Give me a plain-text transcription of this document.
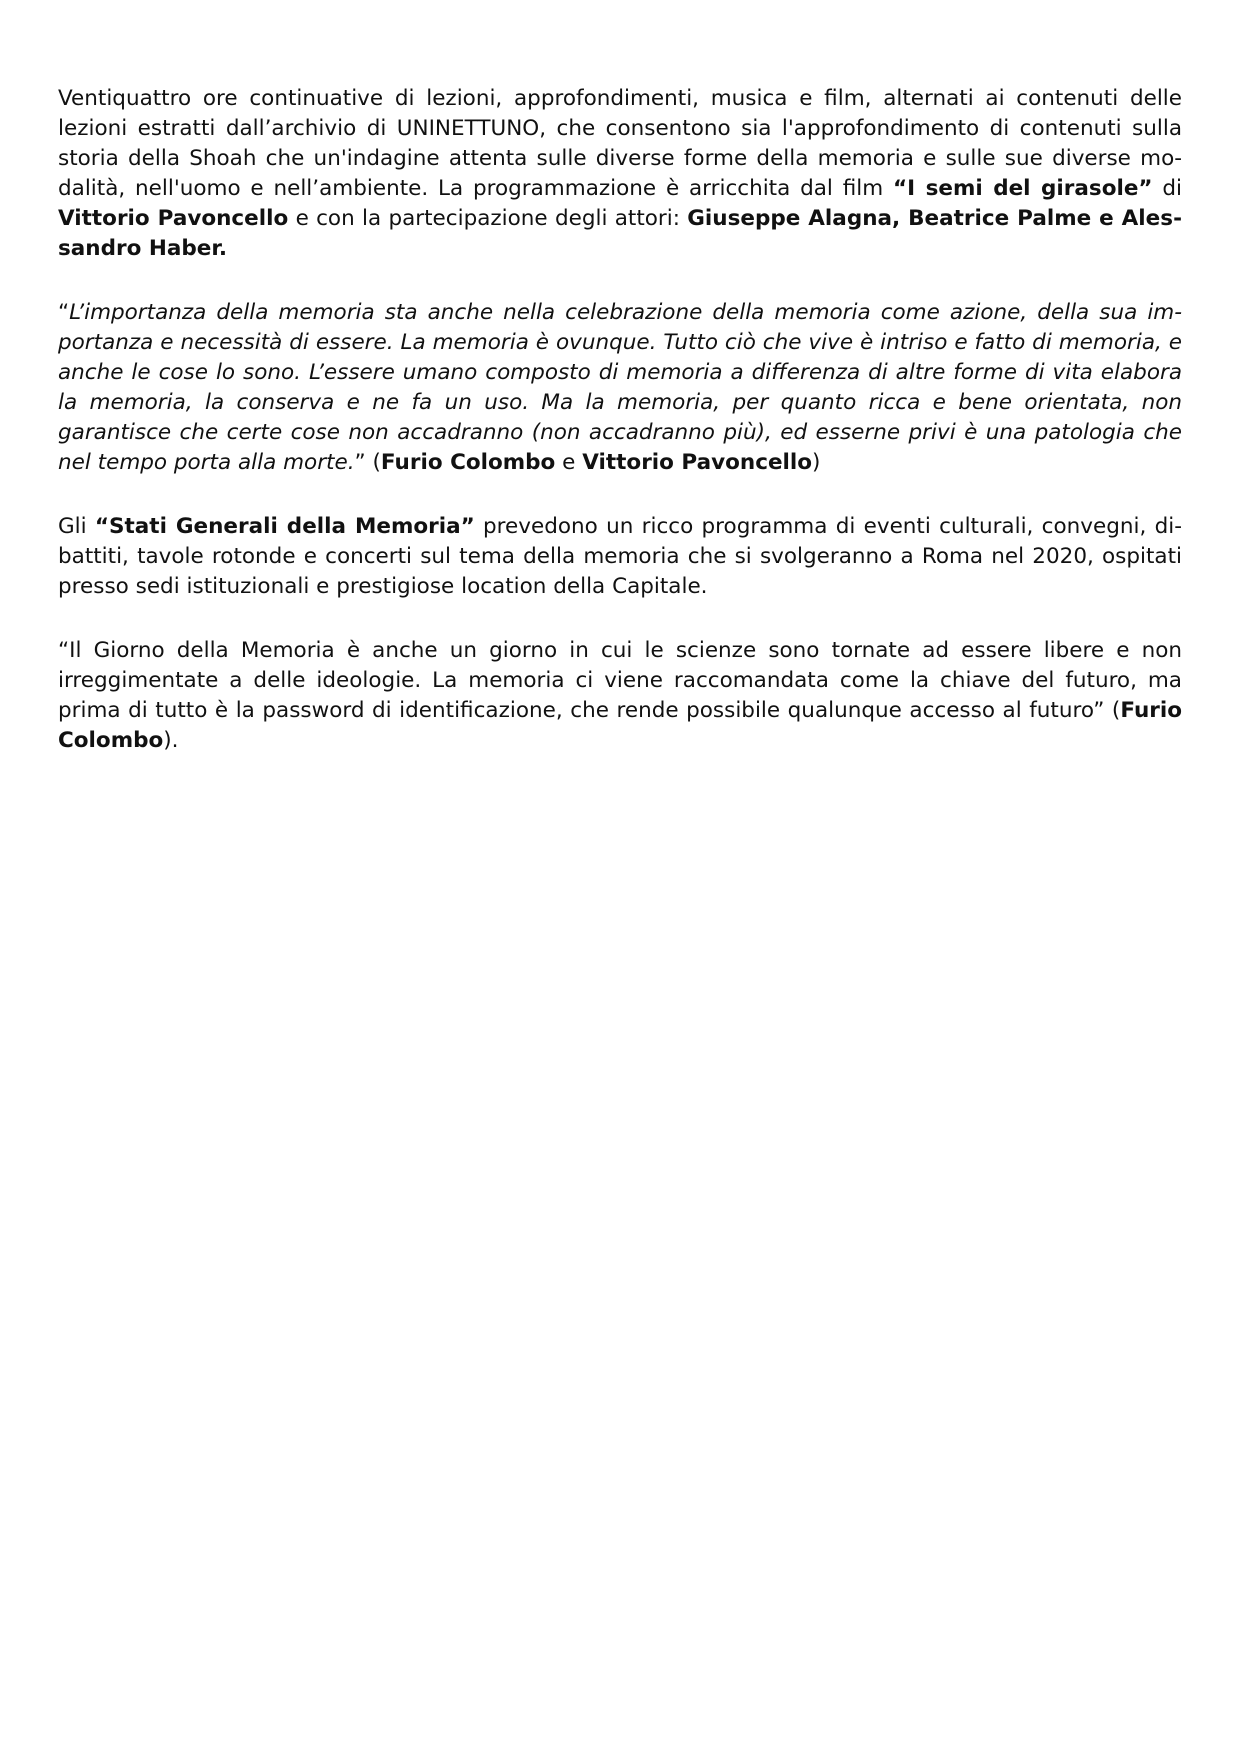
Ventiquattro ore continuative di lezioni, approfondimenti, musica e film, alternati ai contenuti delle lezioni estratti dall’archivio di UNINETTUNO, che consentono sia l'approfondimento di contenuti sulla storia della Shoah che un'indagine attenta sulle diverse forme della memoria e sulle sue diverse modalità, nell'uomo e nell’ambiente. La programmazione è arricchita dal film “I semi del girasole” di Vittorio Pavoncello e con la partecipazione degli attori: Giuseppe Alagna, Beatrice Palme e Alessandro Haber.

“L’importanza della memoria sta anche nella celebrazione della memoria come azione, della sua importanza e necessità di essere. La memoria è ovunque. Tutto ciò che vive è intriso e fatto di memoria, e anche le cose lo sono. L’essere umano composto di memoria a differenza di altre forme di vita elabora la memoria, la conserva e ne fa un uso. Ma la memoria, per quanto ricca e bene orientata, non garantisce che certe cose non accadranno (non accadranno più), ed esserne privi è una patologia che nel tempo porta alla morte.” (Furio Colombo e Vittorio Pavoncello)

Gli “Stati Generali della Memoria” prevedono un ricco programma di eventi culturali, convegni, dibattiti, tavole rotonde e concerti sul tema della memoria che si svolgeranno a Roma nel 2020, ospitati presso sedi istituzionali e prestigiose location della Capitale.

“Il Giorno della Memoria è anche un giorno in cui le scienze sono tornate ad essere libere e non irreggimentate a delle ideologie. La memoria ci viene raccomandata come la chiave del futuro, ma prima di tutto è la password di identificazione, che rende possibile qualunque accesso al futuro” (Furio Colombo).
